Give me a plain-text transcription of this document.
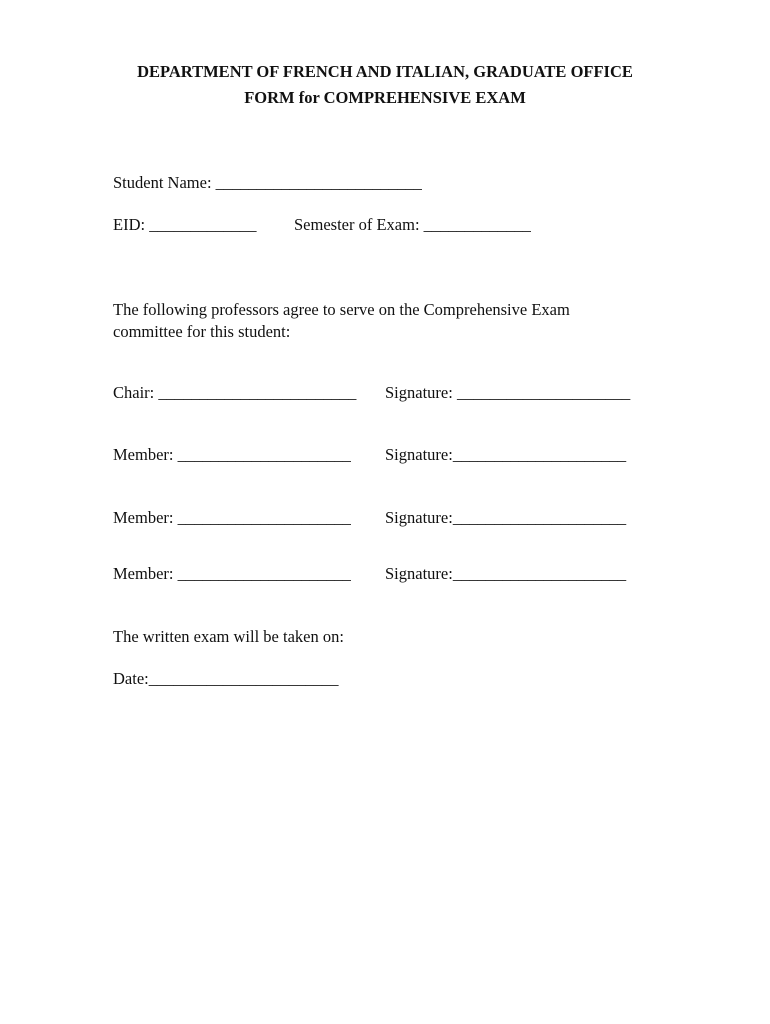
DEPARTMENT OF FRENCH AND ITALIAN, GRADUATE OFFICE

FORM for COMPREHENSIVE EXAM

Student Name: _________________________

EID: _____________ Semester of Exam: _____________

The following professors agree to serve on the Comprehensive Exam

committee for this student:

Chair: ________________________ Signature: _____________________

Member: _____________________ Signature:_____________________

Member: _____________________ Signature:_____________________

Member: _____________________ Signature:_____________________

The written exam will be taken on:

Date:_______________________
